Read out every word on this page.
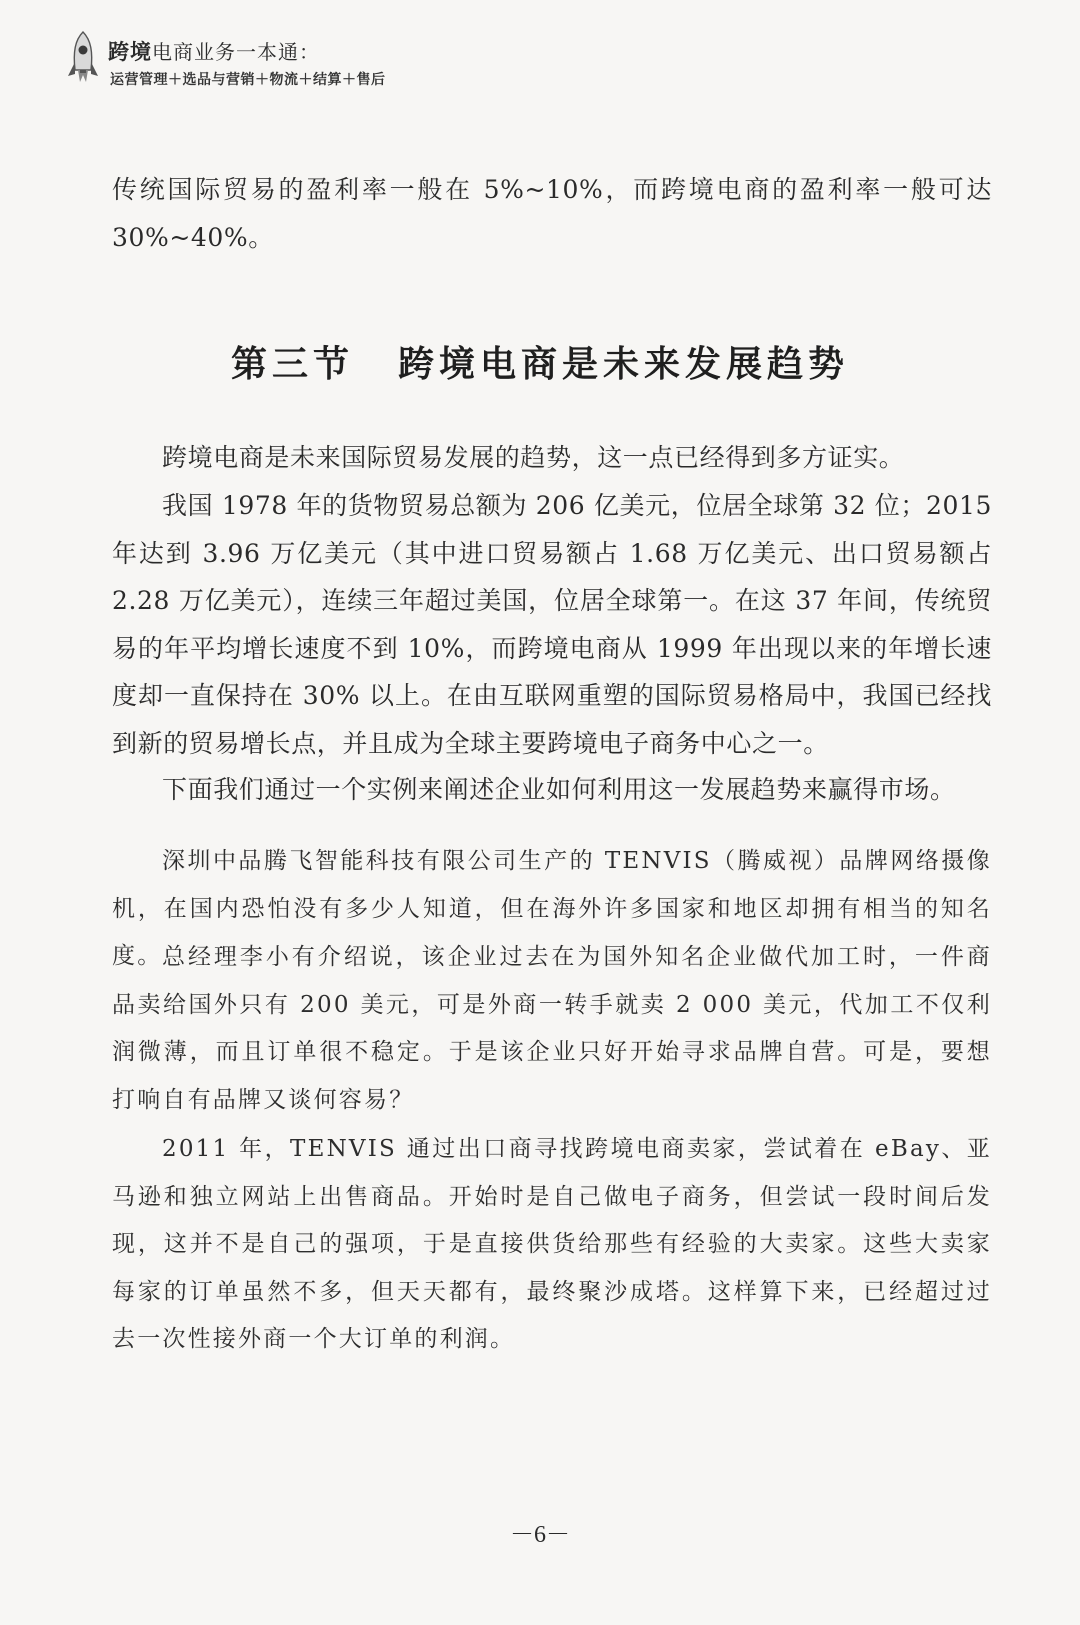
跨境电商业务一本通：
运营管理＋选品与营销＋物流＋结算＋售后

传统国际贸易的盈利率一般在 5%~10%，而跨境电商的盈利率一般可达 30%~40%。

第三节 跨境电商是未来发展趋势

跨境电商是未来国际贸易发展的趋势，这一点已经得到多方证实。

我国 1978 年的货物贸易总额为 206 亿美元，位居全球第 32 位；2015 年达到 3.96 万亿美元（其中进口贸易额占 1.68 万亿美元、出口贸易额占 2.28 万亿美元），连续三年超过美国，位居全球第一。在这 37 年间，传统贸易的年平均增长速度不到 10%，而跨境电商从 1999 年出现以来的年增长速度却一直保持在 30% 以上。在由互联网重塑的国际贸易格局中，我国已经找到新的贸易增长点，并且成为全球主要跨境电子商务中心之一。

下面我们通过一个实例来阐述企业如何利用这一发展趋势来赢得市场。

深圳中品腾飞智能科技有限公司生产的 TENVIS（腾威视）品牌网络摄像机，在国内恐怕没有多少人知道，但在海外许多国家和地区却拥有相当的知名度。 总经理李小有介绍说，该企业过去在为国外知名企业做代加工时，一件商品卖给国外只有 200 美元，可是外商一转手就卖 2 000 美元，代加工不仅利润微薄，而且订单很不稳定。于是该企业只好开始寻求品牌自营。可是，要想打响自有品牌又谈何容易？

2011 年，TENVIS 通过出口商寻找跨境电商卖家，尝试着在 eBay、亚马逊和独立网站上出售商品。开始时是自己做电子商务，但尝试一段时间后发现，这并不是自己的强项，于是直接供货给那些有经验的大卖家。这些大卖家每家的订单虽然不多，但天天都有，最终聚沙成塔。这样算下来，已经超过过去一次性接外商一个大订单的利润。

－6－
